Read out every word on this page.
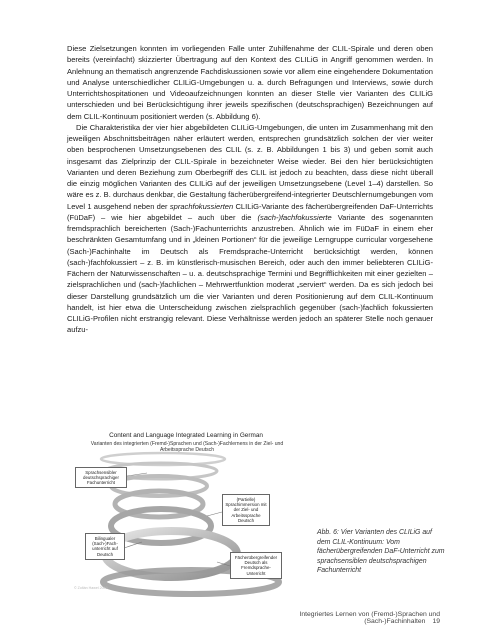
Diese Zielsetzungen konnten im vorliegenden Falle unter Zuhilfenahme der CLIL-Spirale und deren oben bereits (vereinfacht) skizzierter Übertragung auf den Kontext des CLILiG in Angriff genommen werden. In Anlehnung an thematisch angrenzende Fachdiskussionen sowie vor allem eine eingehendere Dokumentation und Analyse unterschiedlicher CLILiG-Umgebungen u. a. durch Befragungen und Interviews, sowie durch Unterrichtshospitationen und Videoaufzeichnungen konnten an dieser Stelle vier Varianten des CLILiG unterschieden und bei Berücksichtigung ihrer jeweils spezifischen (deutschsprachigen) Bezeichnungen auf dem CLIL-Kontinuum positioniert werden (s. Abbildung 6).

Die Charakteristika der vier hier abgebildeten CLILiG-Umgebungen, die unten im Zusammenhang mit den jeweiligen Abschnittsbeiträgen näher erläutert werden, entsprechen grundsätzlich solchen der vier weiter oben besprochenen Umsetzungsebenen des CLIL (s. z. B. Abbildungen 1 bis 3) und geben somit auch insgesamt das Zielprinzip der CLIL-Spirale in bezeichneter Weise wieder. Bei den hier berücksichtigten Varianten und deren Beziehung zum Oberbegriff des CLIL ist jedoch zu beachten, dass diese nicht überall die einzig möglichen Varianten des CLILiG auf der jeweiligen Umsetzungsebene (Level 1–4) darstellen. So wäre es z. B. durchaus denkbar, die Gestaltung fächerübergreifend-integrierter Deutschlernumgebungen vom Level 1 ausgehend neben der sprachfokussierten CLILiG-Variante des fächerübergreifenden DaF-Unterrichts (FüDaF) – wie hier abgebildet – auch über die (sach-)fachfokussierte Variante des sogenannten fremdsprachlich bereicherten (Sach-)Fachunterrichts anzustreben. Ähnlich wie im FüDaF in einem eher beschränkten Gesamtumfang und in „kleinen Portionen“ für die jeweilige Lerngruppe curricular vorgesehene (Sach-)Fachinhalte im Deutsch als Fremdsprache-Unterricht berücksichtigt werden, können (sach-)fachfokussiert – z. B. im künstlerisch-musischen Bereich, oder auch den immer beliebteren CLILiG-Fächern der Naturwissenschaften – u. a. deutschsprachige Termini und Begrifflichkeiten mit einer gezielten – zielsprachlichen und (sach-)fachlichen – Mehrwertfunktion moderat „serviert“ werden. Da es sich jedoch bei dieser Darstellung grundsätzlich um die vier Varianten und deren Positionierung auf dem CLIL-Kontinuum handelt, ist hier etwa die Unterscheidung zwischen zielsprachlich gegenüber (sach-)fachlich fokussierten CLILiG-Profilen nicht erstrangig relevant. Diese Verhältnisse werden jedoch an späterer Stelle noch genauer aufzu-

Content and Language Integrated Learning in German
Varianten des integrierten (Fremd-)Sprachen und (Sach-)Fachlernens in der Ziel- und Arbeitssprache Deutsch
Sprachsensibler deutschsprachiger Fachunterricht
(Partielle) Sprachimmersion mit der Ziel- und Arbeitssprache Deutsch
Bilingualer (Sach-)Fach-unterricht auf Deutsch
Fächerübergreifender Deutsch als Fremdsprache-Unterricht
© Zoltán Hawel 2009
Abb. 6: Vier Varianten des CLILiG auf dem CLIL-Kontinuum: Vom fächerübergreifenden DaF-Unterricht zum sprachsensiblen deutschsprachigen Fachunterricht
Integriertes Lernen von (Fremd-)Sprachen und (Sach-)Fachinhalten 19
